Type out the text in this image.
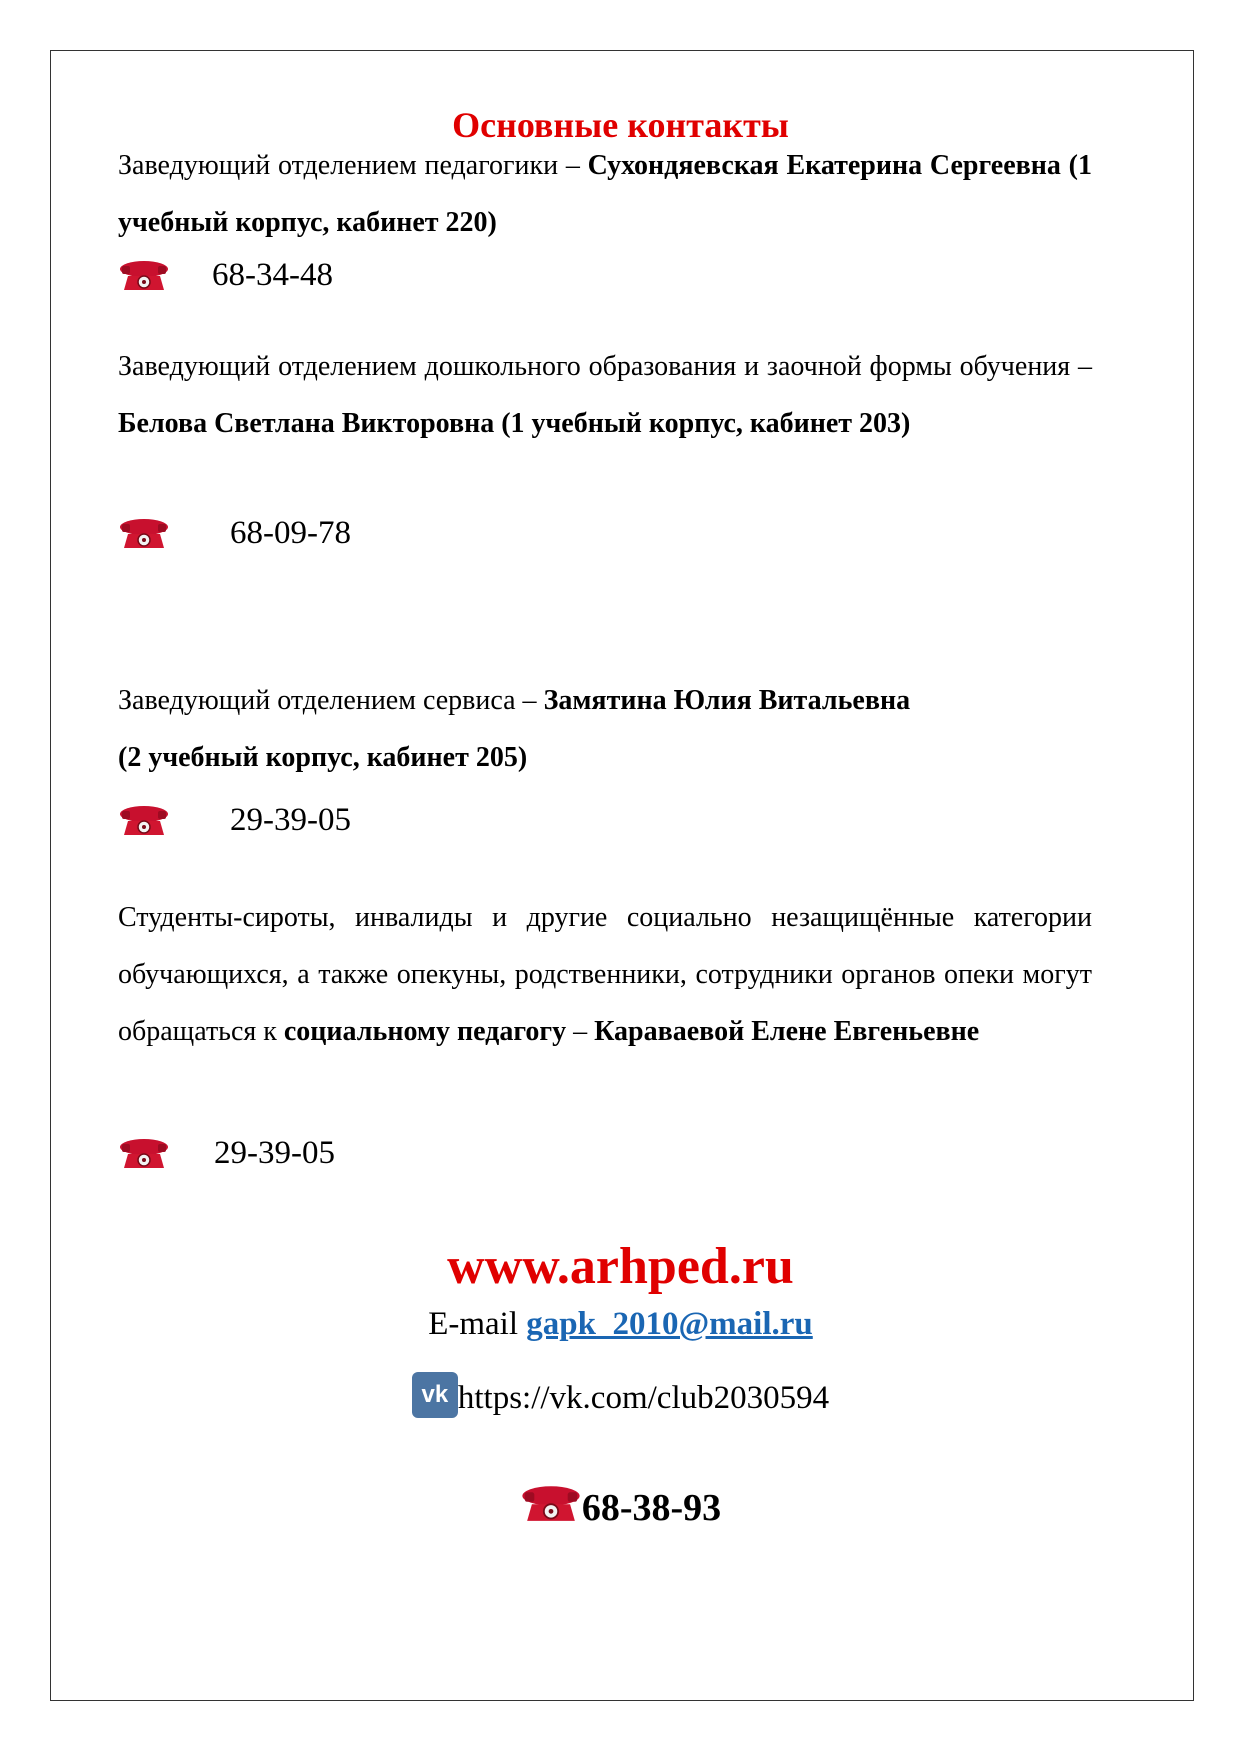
Основные контакты
Заведующий отделением педагогики – Сухондяевская Екатерина Сергеевна (1 учебный корпус, кабинет 220)
68-34-48
Заведующий отделением дошкольного образования и заочной формы обучения – Белова Светлана Викторовна (1 учебный корпус, кабинет 203)
68-09-78
Заведующий отделением сервиса – Замятина Юлия Витальевна
(2 учебный корпус, кабинет 205)
29-39-05
Студенты-сироты, инвалиды и другие социально незащищённые категории обучающихся, а также опекуны, родственники, сотрудники органов опеки могут обращаться к социальному педагогу – Караваевой Елене Евгеньевне
29-39-05
www.arhped.ru
E-mail gapk_2010@mail.ru
vk https://vk.com/club2030594
68-38-93
